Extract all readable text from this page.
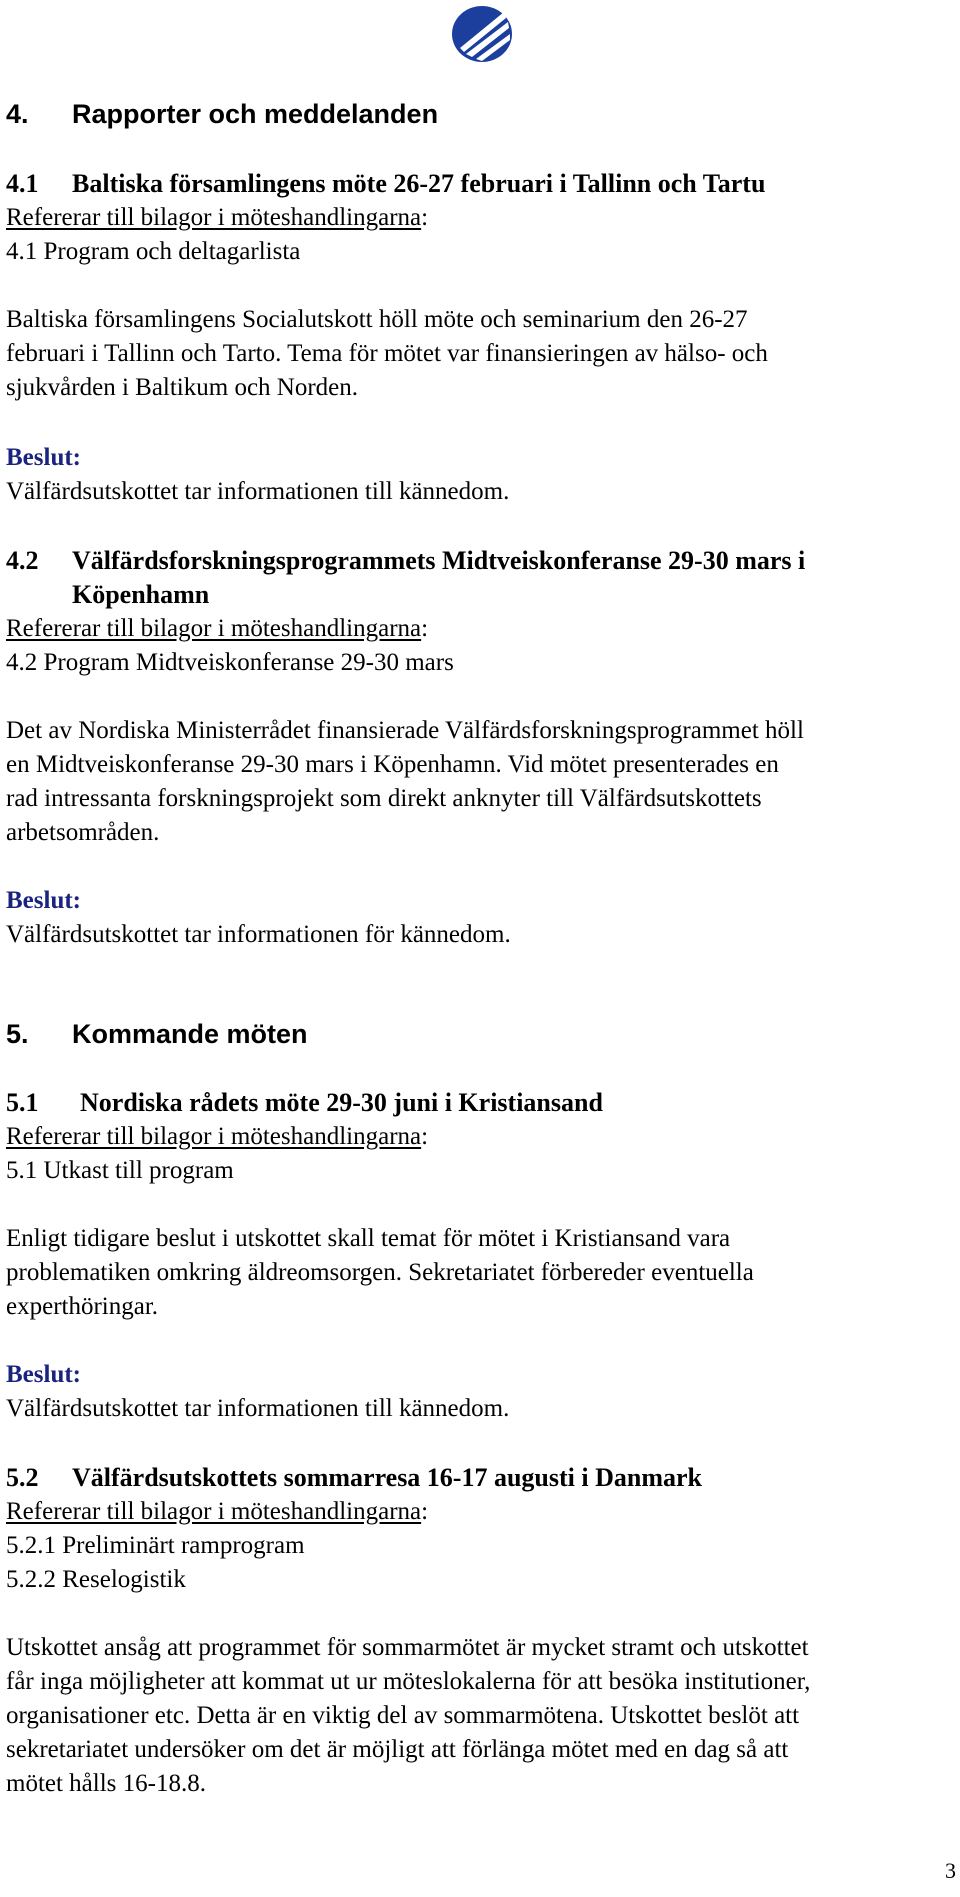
4. Rapporter och meddelanden
4.1 Baltiska församlingens möte 26-27 februari i Tallinn och Tartu
Refererar till bilagor i möteshandlingarna:
4.1 Program och deltagarlista
Baltiska församlingens Socialutskott höll möte och seminarium den 26-27
februari i Tallinn och Tarto. Tema för mötet var finansieringen av hälso- och
sjukvården i Baltikum och Norden.
Beslut:
Välfärdsutskottet tar informationen till kännedom.
4.2 Välfärdsforskningsprogrammets Midtveiskonferanse 29-30 mars i
Köpenhamn
Refererar till bilagor i möteshandlingarna:
4.2 Program Midtveiskonferanse 29-30 mars
Det av Nordiska Ministerrådet finansierade Välfärdsforskningsprogrammet höll
en Midtveiskonferanse 29-30 mars i Köpenhamn. Vid mötet presenterades en
rad intressanta forskningsprojekt som direkt anknyter till Välfärdsutskottets
arbetsområden.
Beslut:
Välfärdsutskottet tar informationen för kännedom.
5. Kommande möten
5.1 Nordiska rådets möte 29-30 juni i Kristiansand
Refererar till bilagor i möteshandlingarna:
5.1 Utkast till program
Enligt tidigare beslut i utskottet skall temat för mötet i Kristiansand vara
problematiken omkring äldreomsorgen. Sekretariatet förbereder eventuella
experthöringar.
Beslut:
Välfärdsutskottet tar informationen till kännedom.
5.2 Välfärdsutskottets sommarresa 16-17 augusti i Danmark
Refererar till bilagor i möteshandlingarna:
5.2.1 Preliminärt ramprogram
5.2.2 Reselogistik
Utskottet ansåg att programmet för sommarmötet är mycket stramt och utskottet
får inga möjligheter att kommat ut ur möteslokalerna för att besöka institutioner,
organisationer etc. Detta är en viktig del av sommarmötena. Utskottet beslöt att
sekretariatet undersöker om det är möjligt att förlänga mötet med en dag så att
mötet hålls 16-18.8.
3
